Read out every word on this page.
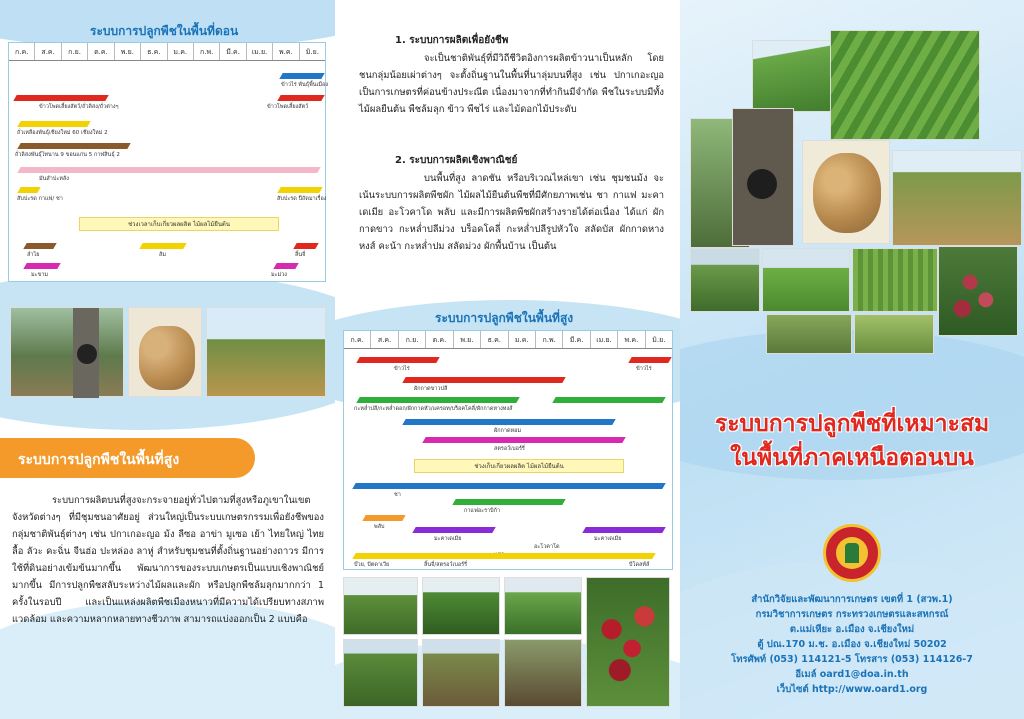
ระบบการปลูกพืชในพื้นที่ดอน
ก.ค.	ส.ค.	ก.ย.	ต.ค.	พ.ย.	ธ.ค.	ม.ค.	ก.พ.	มี.ค.	เม.ย.	พ.ค.	มิ.ย.
ข้าวไร่ พันธุ์พื้นเมือง
ข้าวโพดเลี้ยงสัตว์/ถั่วลิสง/ถั่วต่างๆ	ข้าวโพดเลี้ยงสัตว์
ถั่วเหลืองพันธุ์เชียงใหม่ 60 เชียงใหม่ 2
ถั่วลิสงพันธุ์ไทนาน 9 ขอนแก่น 5 กาฬสินธุ์ 2
มันสำปะหลัง
สับปะรด กาแฟ/ ชา	สับปะรด ปีถัดมาเรื่อง
ช่วงเวลาเก็บเกี่ยวผลผลิต ไม้ผลไม้ยืนต้น
ลำไย	ส้ม	ลิ้นจี่
มะม่วง
มะขาม
ระบบการปลูกพืชในพื้นที่สูง
ระบบการผลิตบนที่สูงจะกระจายอยู่ทั่วไปตามที่สูงหรือภูเขาในเขตจังหวัดต่างๆ ที่มีชุมชนอาศัยอยู่ ส่วนใหญ่เป็นระบบเกษตรกรรมเพื่อยังชีพของกลุ่มชาติพันธุ์ต่างๆ เช่น ปกาเกอะญอ ม้ง ลีซอ อาข่า มูเซอ เย้า ไทยใหญ่ ไทยลื้อ ลัวะ คะฉิ่น จีนฮ่อ ปะหล่อง ลาหู่ สำหรับชุมชนที่ตั้งถิ่นฐานอย่างถาวร มีการใช้ที่ดินอย่างเข้มข้นมากขึ้น พัฒนาการของระบบเกษตรเป็นแบบเชิงพาณิชย์มากขึ้น มีการปลูกพืชสลับระหว่างไม้ผลและผัก หรือปลูกพืชล้มลุกมากกว่า 1 ครั้งในรอบปี และเป็นแหล่งผลิตพืชเมืองหนาวที่มีความได้เปรียบทางสภาพแวดล้อม และความหลากหลายทางชีวภาพ สามารถแบ่งออกเป็น 2 แบบคือ
1. ระบบการผลิตเพื่อยังชีพ
จะเป็นชาติพันธุ์ที่มีวิถีชีวิตอิงการผลิตข้าวนาเป็นหลัก โดยชนกลุ่มน้อยเผ่าต่างๆ จะตั้งถิ่นฐานในพื้นที่นาลุ่มบนที่สูง เช่น ปกาเกอะญอ เป็นการเกษตรที่ค่อนข้างประณีต เนื่องมาจากที่ทำกินมีจำกัด พืชในระบบมีทั้งไม้ผลยืนต้น พืชล้มลุก ข้าว พืชไร่ และไม้ดอกไม้ประดับ
2. ระบบการผลิตเชิงพาณิชย์
บนพื้นที่สูง ลาดชัน หรือบริเวณไหล่เขา เช่น ชุมชนม้ง จะเน้นระบบการผลิตพืชผัก ไม้ผลไม้ยืนต้นพืชที่มีศักยภาพเช่น ชา กาแฟ มะคาเดเมีย อะโวคาโด พลับ และมีการผลิตพืชผักสร้างรายได้ต่อเนื่อง ได้แก่ ผักกาดขาว กะหล่ำปลีม่วง บร็อคโคลี่ กะหล่ำปลีรูปหัวใจ สลัดบัส ผักกาดหางหงส์ คะน้า กะหล่ำปม สลัดม่วง ผักพื้นบ้าน เป็นต้น
ระบบการปลูกพืชในพื้นที่สูง
ก.ค.	ส.ค.	ก.ย.	ต.ค.	พ.ย.	ธ.ค.	ม.ค.	ก.พ.	มี.ค.	เม.ย.	พ.ค.	มิ.ย.
ข้าวไร่	ข้าวไร่
ผักกาดขาวปลี
กะหล่ำปลี/กะหล่ำดอก/ผักกาดหัว/แครอท/บร็อคโคลี่/ผักกาดหางหงส์
ผักกาดหอม
สตรอว์เบอร์รี่
ช่วงเก็บเกี่ยวผลผลิต ไม้ผลไม้ยืนต้น
ชา
กาแฟอะราบิก้า
พลับ
มะคาเดเมีย	มะคาเดเมีย
อะโวคาโด
บ๊วย, บีตดาเวีย	ลิ้นจี่/สตรอว์เบอร์รี่	บีโดลท์ส์
ระบบการปลูกพืชที่เหมาะสม
ในพื้นที่ภาคเหนือตอนบน
สำนักวิจัยและพัฒนาการเกษตร เขตที่ 1 (สวพ.1)
กรมวิชาการเกษตร กระทรวงเกษตรและสหกรณ์
ต.แม่เหียะ อ.เมือง จ.เชียงใหม่
ตู้ ปณ.170 ม.ช. อ.เมือง จ.เชียงใหม่ 50202
โทรศัพท์ (053) 114121-5 โทรสาร (053) 114126-7
อีเมล์ oard1@doa.in.th
เว็บไซต์ http://www.oard1.org
